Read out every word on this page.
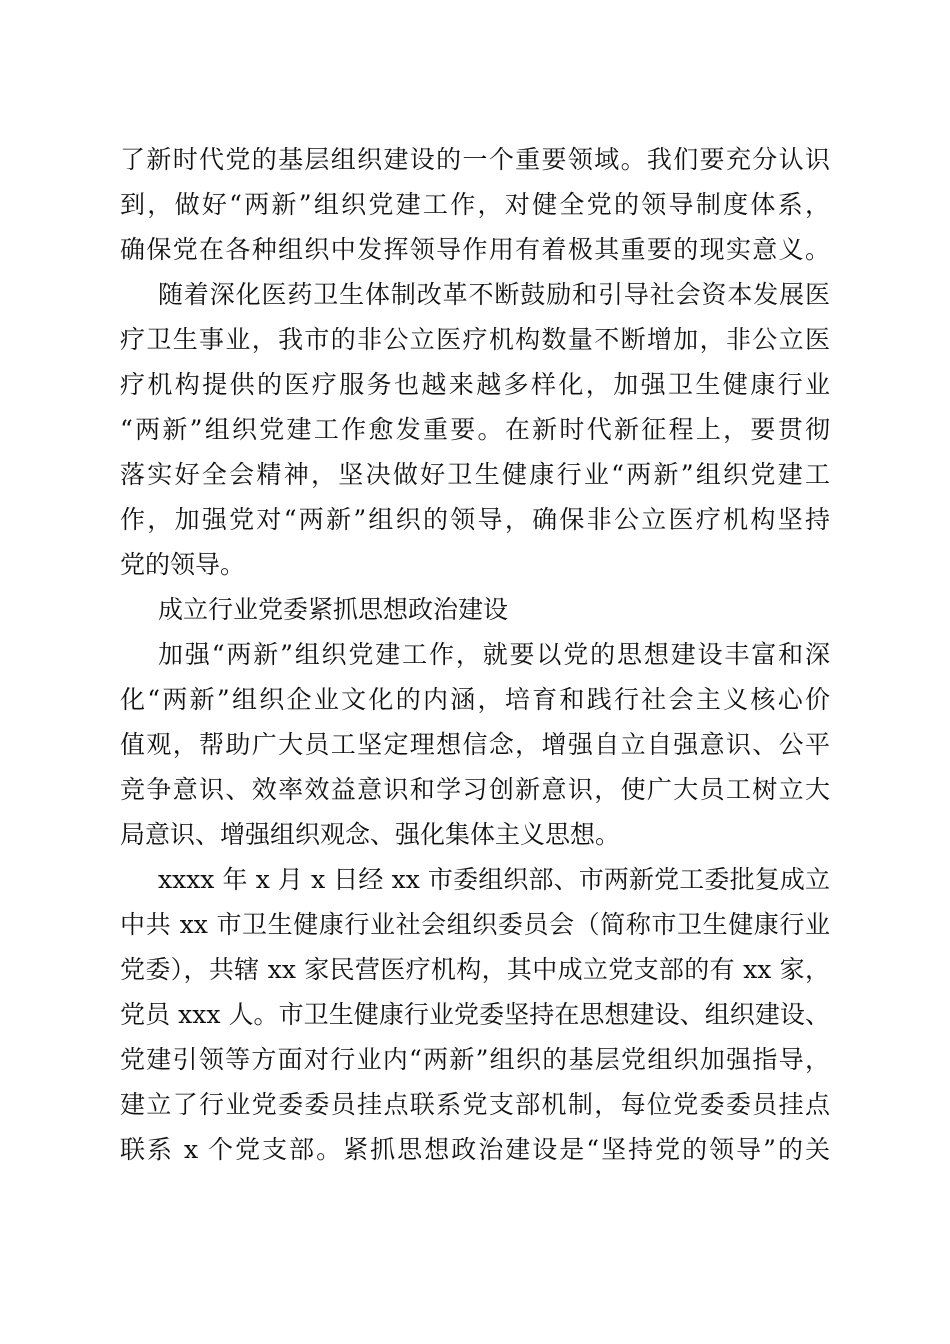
了新时代党的基层组织建设的一个重要领域。我们要充分认识
到，做好“两新”组织党建工作，对健全党的领导制度体系，
确保党在各种组织中发挥领导作用有着极其重要的现实意义。
随着深化医药卫生体制改革不断鼓励和引导社会资本发展医
疗卫生事业，我市的非公立医疗机构数量不断增加，非公立医
疗机构提供的医疗服务也越来越多样化，加强卫生健康行业
“两新”组织党建工作愈发重要。在新时代新征程上，要贯彻
落实好全会精神，坚决做好卫生健康行业“两新”组织党建工
作，加强党对“两新”组织的领导，确保非公立医疗机构坚持
党的领导。
成立行业党委紧抓思想政治建设
加强“两新”组织党建工作，就要以党的思想建设丰富和深
化“两新”组织企业文化的内涵，培育和践行社会主义核心价
值观，帮助广大员工坚定理想信念，增强自立自强意识、公平
竞争意识、效率效益意识和学习创新意识，使广大员工树立大
局意识、增强组织观念、强化集体主义思想。
xxxx 年 x 月 x 日经 xx 市委组织部、市两新党工委批复成立
中共 xx 市卫生健康行业社会组织委员会（简称市卫生健康行业
党委），共辖 xx 家民营医疗机构，其中成立党支部的有 xx 家，
党员 xxx 人。市卫生健康行业党委坚持在思想建设、组织建设、
党建引领等方面对行业内“两新”组织的基层党组织加强指导，
建立了行业党委委员挂点联系党支部机制，每位党委委员挂点
联系 x 个党支部。紧抓思想政治建设是“坚持党的领导”的关
